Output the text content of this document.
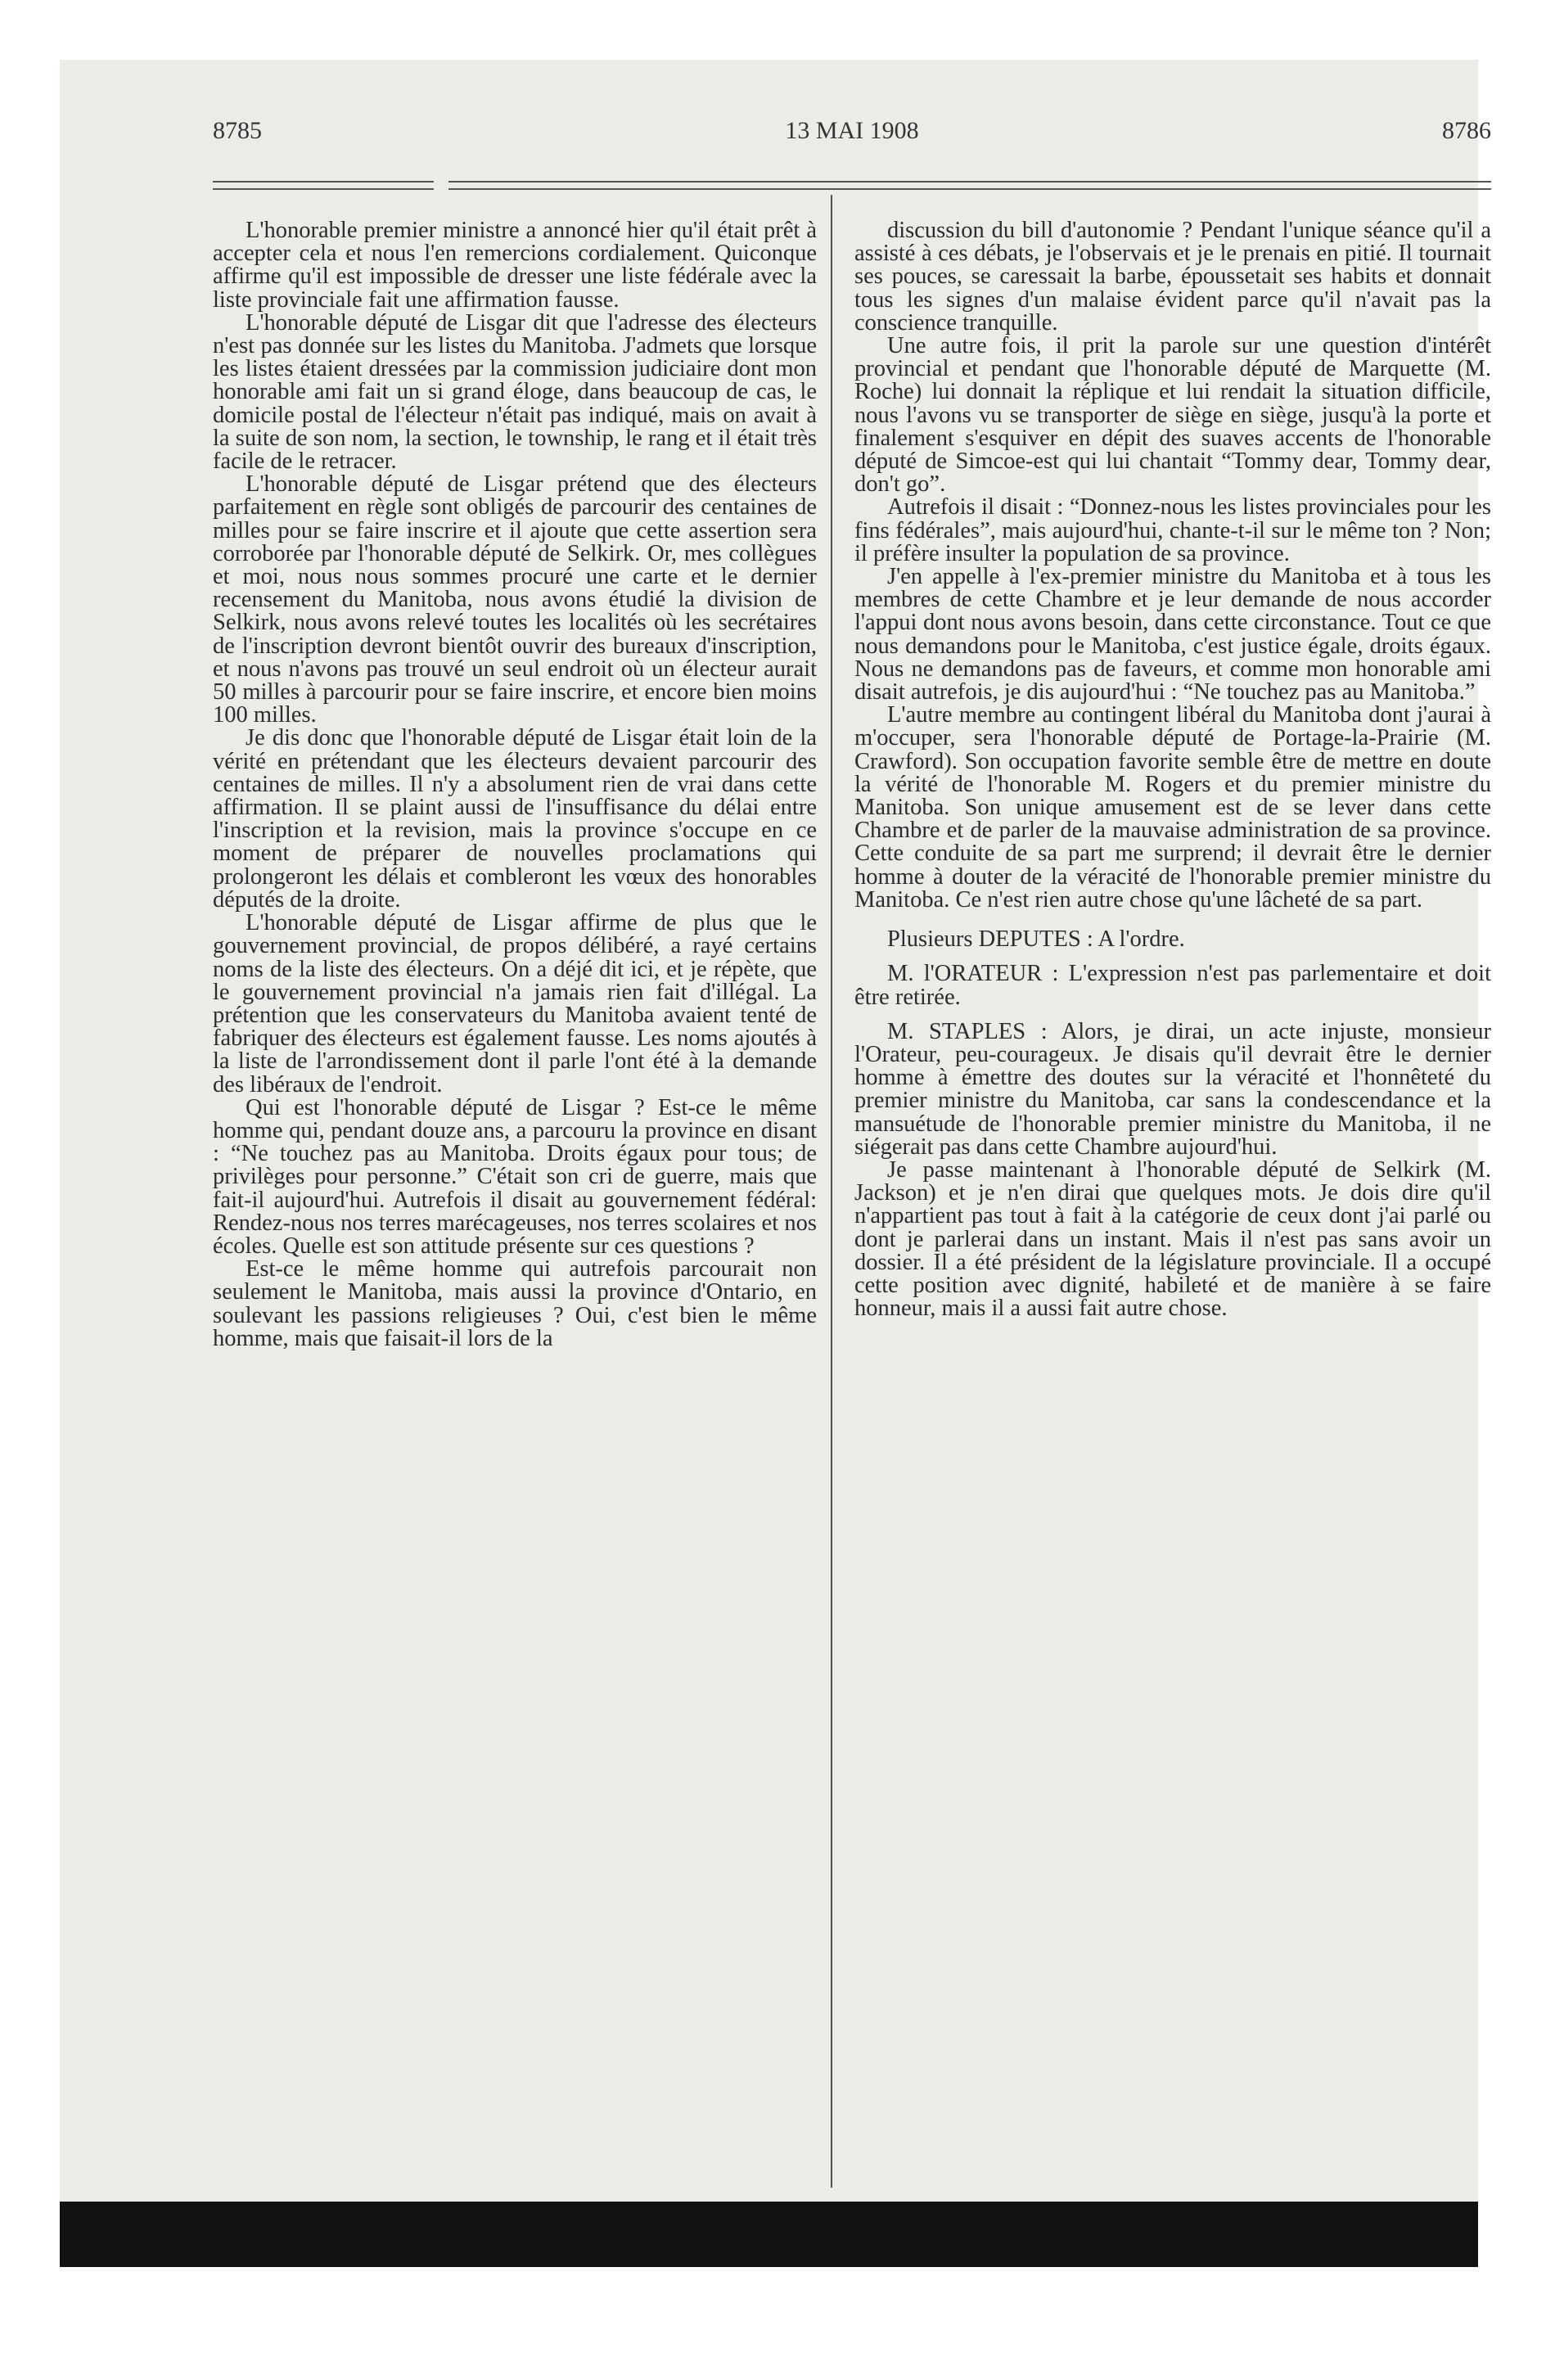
8785	13 MAI 1908	8786

L'honorable premier ministre a annoncé hier qu'il était prêt à accepter cela et nous l'en remercions cordialement. Quiconque affirme qu'il est impossible de dresser une liste fédérale avec la liste provinciale fait une affirmation fausse.

L'honorable député de Lisgar dit que l'adresse des électeurs n'est pas donnée sur les listes du Manitoba. J'admets que lorsque les listes étaient dressées par la commission judiciaire dont mon honorable ami fait un si grand éloge, dans beaucoup de cas, le domicile postal de l'électeur n'était pas indiqué, mais on avait à la suite de son nom, la section, le township, le rang et il était très facile de le retracer.

L'honorable député de Lisgar prétend que des électeurs parfaitement en règle sont obligés de parcourir des centaines de milles pour se faire inscrire et il ajoute que cette assertion sera corroborée par l'honorable député de Selkirk. Or, mes collègues et moi, nous nous sommes procuré une carte et le dernier recensement du Manitoba, nous avons étudié la division de Selkirk, nous avons relevé toutes les localités où les secrétaires de l'inscription devront bientôt ouvrir des bureaux d'inscription, et nous n'avons pas trouvé un seul endroit où un électeur aurait 50 milles à parcourir pour se faire inscrire, et encore bien moins 100 milles.

Je dis donc que l'honorable député de Lisgar était loin de la vérité en prétendant que les électeurs devaient parcourir des centaines de milles. Il n'y a absolument rien de vrai dans cette affirmation. Il se plaint aussi de l'insuffisance du délai entre l'inscription et la revision, mais la province s'occupe en ce moment de préparer de nouvelles proclamations qui prolongeront les délais et combleront les vœux des honorables députés de la droite.

L'honorable député de Lisgar affirme de plus que le gouvernement provincial, de propos délibéré, a rayé certains noms de la liste des électeurs. On a déjé dit ici, et je répète, que le gouvernement provincial n'a jamais rien fait d'illégal. La prétention que les conservateurs du Manitoba avaient tenté de fabriquer des électeurs est également fausse. Les noms ajoutés à la liste de l'arrondissement dont il parle l'ont été à la demande des libéraux de l'endroit.

Qui est l'honorable député de Lisgar ? Est-ce le même homme qui, pendant douze ans, a parcouru la province en disant : “Ne touchez pas au Manitoba. Droits égaux pour tous; de privilèges pour personne.” C'était son cri de guerre, mais que fait-il aujourd'hui. Autrefois il disait au gouvernement fédéral: Rendez-nous nos terres marécageuses, nos terres scolaires et nos écoles. Quelle est son attitude présente sur ces questions ?

Est-ce le même homme qui autrefois parcourait non seulement le Manitoba, mais aussi la province d'Ontario, en soulevant les passions religieuses ? Oui, c'est bien le même homme, mais que faisait-il lors de la

discussion du bill d'autonomie ? Pendant l'unique séance qu'il a assisté à ces débats, je l'observais et je le prenais en pitié. Il tournait ses pouces, se caressait la barbe, époussetait ses habits et donnait tous les signes d'un malaise évident parce qu'il n'avait pas la conscience tranquille.

Une autre fois, il prit la parole sur une question d'intérêt provincial et pendant que l'honorable député de Marquette (M. Roche) lui donnait la réplique et lui rendait la situation difficile, nous l'avons vu se transporter de siège en siège, jusqu'à la porte et finalement s'esquiver en dépit des suaves accents de l'honorable député de Simcoe-est qui lui chantait “Tommy dear, Tommy dear, don't go”.

Autrefois il disait : “Donnez-nous les listes provinciales pour les fins fédérales”, mais aujourd'hui, chante-t-il sur le même ton ? Non; il préfère insulter la population de sa province.

J'en appelle à l'ex-premier ministre du Manitoba et à tous les membres de cette Chambre et je leur demande de nous accorder l'appui dont nous avons besoin, dans cette circonstance. Tout ce que nous demandons pour le Manitoba, c'est justice égale, droits égaux. Nous ne demandons pas de faveurs, et comme mon honorable ami disait autrefois, je dis aujourd'hui : “Ne touchez pas au Manitoba.”

L'autre membre au contingent libéral du Manitoba dont j'aurai à m'occuper, sera l'honorable député de Portage-la-Prairie (M. Crawford). Son occupation favorite semble être de mettre en doute la vérité de l'honorable M. Rogers et du premier ministre du Manitoba. Son unique amusement est de se lever dans cette Chambre et de parler de la mauvaise administration de sa province. Cette conduite de sa part me surprend; il devrait être le dernier homme à douter de la véracité de l'honorable premier ministre du Manitoba. Ce n'est rien autre chose qu'une lâcheté de sa part.

Plusieurs DEPUTES : A l'ordre.

M. l'ORATEUR : L'expression n'est pas parlementaire et doit être retirée.

M. STAPLES : Alors, je dirai, un acte injuste, monsieur l'Orateur, peu-courageux. Je disais qu'il devrait être le dernier homme à émettre des doutes sur la véracité et l'honnêteté du premier ministre du Manitoba, car sans la condescendance et la mansuétude de l'honorable premier ministre du Manitoba, il ne siégerait pas dans cette Chambre aujourd'hui.

Je passe maintenant à l'honorable député de Selkirk (M. Jackson) et je n'en dirai que quelques mots. Je dois dire qu'il n'appartient pas tout à fait à la catégorie de ceux dont j'ai parlé ou dont je parlerai dans un instant. Mais il n'est pas sans avoir un dossier. Il a été président de la législature provinciale. Il a occupé cette position avec dignité, habileté et de manière à se faire honneur, mais il a aussi fait autre chose.
